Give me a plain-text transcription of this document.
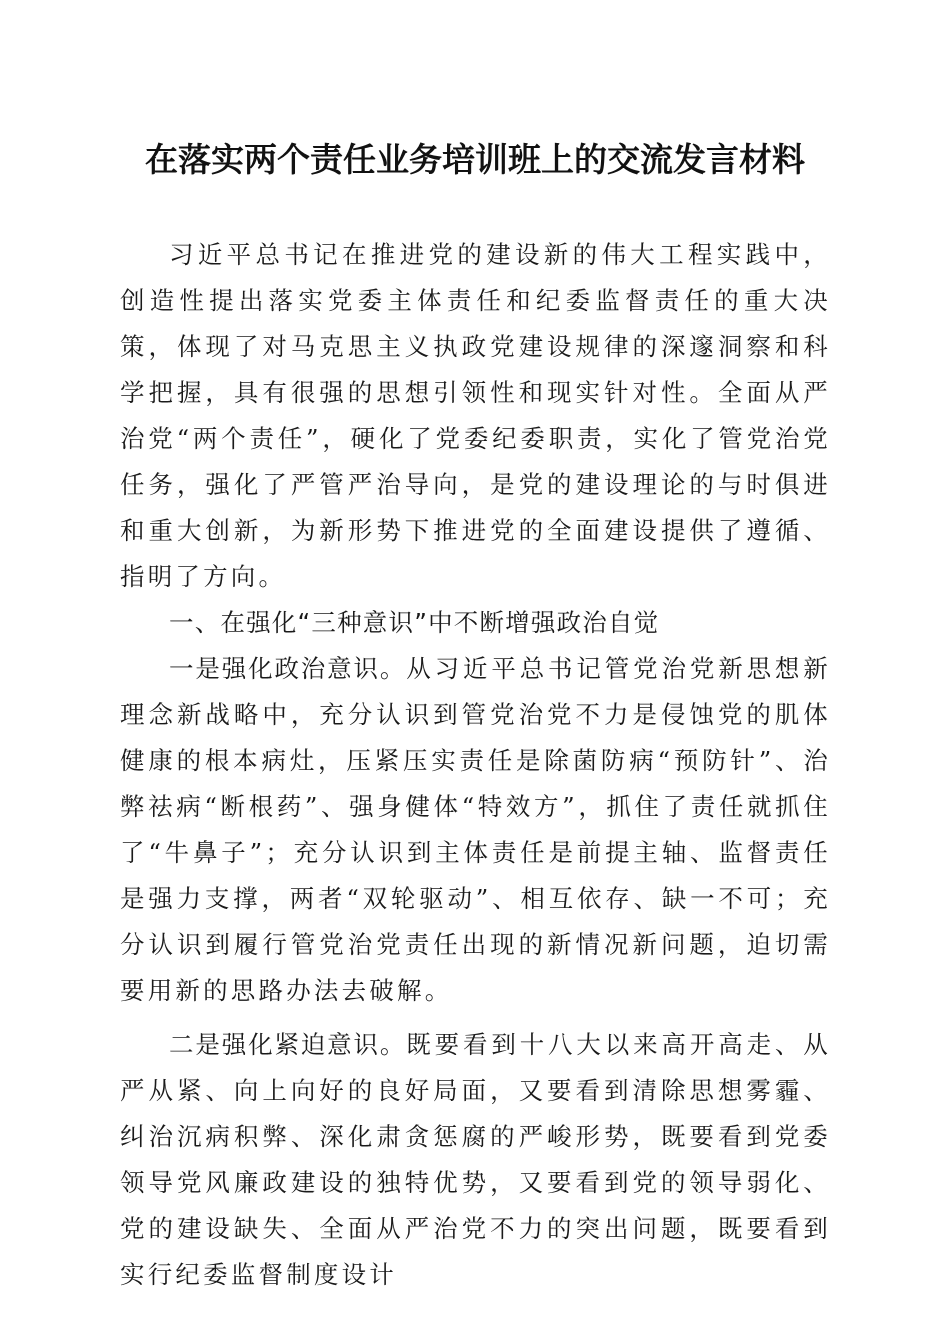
在落实两个责任业务培训班上的交流发言材料

习近平总书记在推进党的建设新的伟大工程实践中，创造性提出落实党委主体责任和纪委监督责任的重大决策，体现了对马克思主义执政党建设规律的深邃洞察和科学把握，具有很强的思想引领性和现实针对性。全面从严治党“两个责任”，硬化了党委纪委职责，实化了管党治党任务，强化了严管严治导向，是党的建设理论的与时俱进和重大创新，为新形势下推进党的全面建设提供了遵循、指明了方向。

一、在强化“三种意识”中不断增强政治自觉

一是强化政治意识。从习近平总书记管党治党新思想新理念新战略中，充分认识到管党治党不力是侵蚀党的肌体健康的根本病灶，压紧压实责任是除菌防病“预防针”、治弊祛病“断根药”、强身健体“特效方”，抓住了责任就抓住了“牛鼻子”；充分认识到主体责任是前提主轴、监督责任是强力支撑，两者“双轮驱动”、相互依存、缺一不可；充分认识到履行管党治党责任出现的新情况新问题，迫切需要用新的思路办法去破解。

二是强化紧迫意识。既要看到十八大以来高开高走、从严从紧、向上向好的良好局面，又要看到清除思想雾霾、纠治沉病积弊、深化肃贪惩腐的严峻形势，既要看到党委领导党风廉政建设的独特优势，又要看到党的领导弱化、党的建设缺失、全面从严治党不力的突出问题，既要看到实行纪委监督制度设计
